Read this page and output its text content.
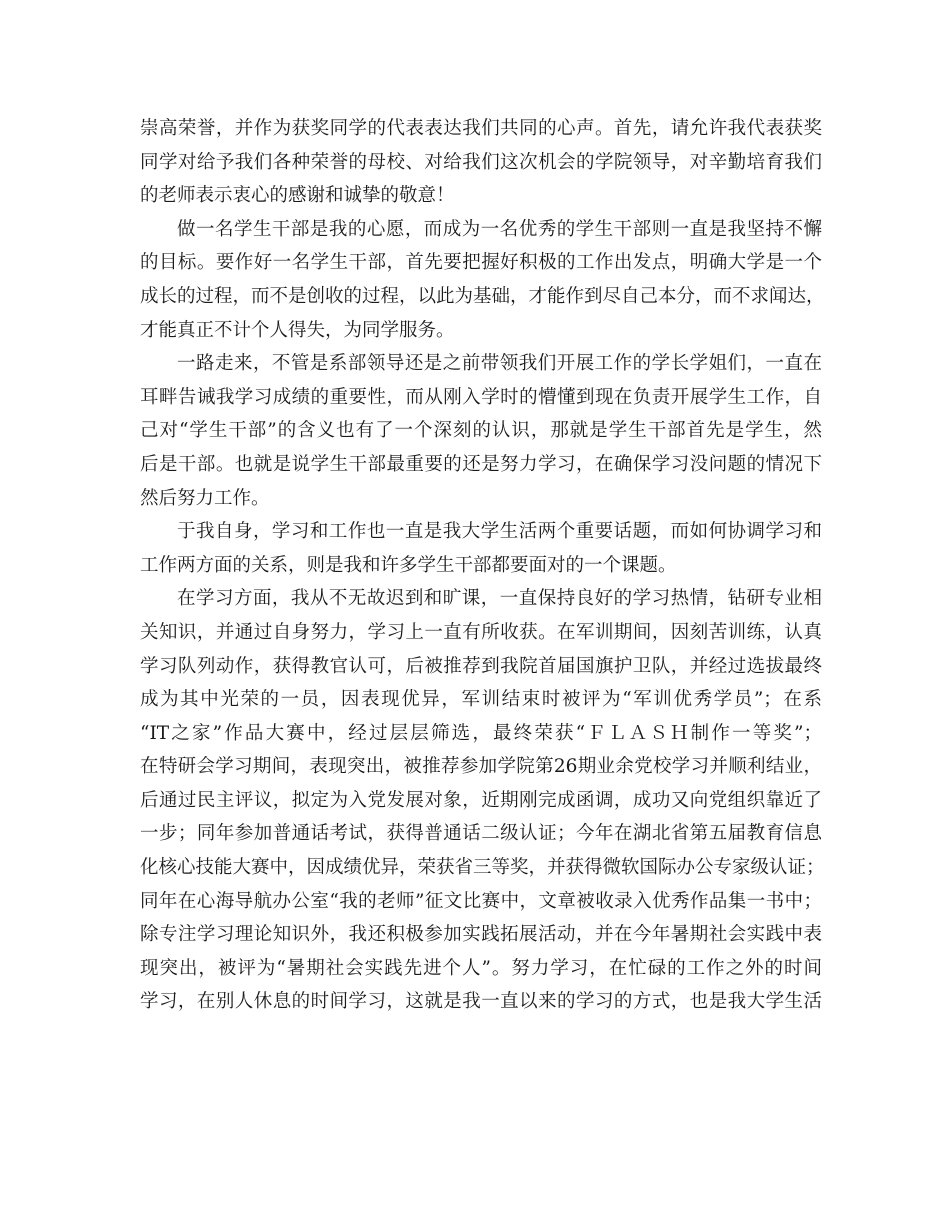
崇高荣誉，并作为获奖同学的代表表达我们共同的心声。首先，请允许我代表获奖
同学对给予我们各种荣誉的母校、对给我们这次机会的学院领导，对辛勤培育我们
的老师表示衷心的感谢和诚挚的敬意！
做一名学生干部是我的心愿，而成为一名优秀的学生干部则一直是我坚持不懈
的目标。要作好一名学生干部，首先要把握好积极的工作出发点，明确大学是一个
成长的过程，而不是创收的过程，以此为基础，才能作到尽自己本分，而不求闻达，
才能真正不计个人得失，为同学服务。
一路走来，不管是系部领导还是之前带领我们开展工作的学长学姐们，一直在
耳畔告诫我学习成绩的重要性，而从刚入学时的懵懂到现在负责开展学生工作，自
己对“学生干部”的含义也有了一个深刻的认识，那就是学生干部首先是学生，然
后是干部。也就是说学生干部最重要的还是努力学习，在确保学习没问题的情况下
然后努力工作。
于我自身，学习和工作也一直是我大学生活两个重要话题，而如何协调学习和
工作两方面的关系，则是我和许多学生干部都要面对的一个课题。
在学习方面，我从不无故迟到和旷课，一直保持良好的学习热情，钻研专业相
关知识，并通过自身努力，学习上一直有所收获。在军训期间，因刻苦训练，认真
学习队列动作，获得教官认可，后被推荐到我院首届国旗护卫队，并经过选拔最终
成为其中光荣的一员，因表现优异，军训结束时被评为“军训优秀学员”；在系
“IT之家”作品大赛中，经过层层筛选，最终荣获“ＦＬＡＳＨ制作一等奖”；
在特研会学习期间，表现突出，被推荐参加学院第26期业余党校学习并顺利结业，
后通过民主评议，拟定为入党发展对象，近期刚完成函调，成功又向党组织靠近了
一步；同年参加普通话考试，获得普通话二级认证；今年在湖北省第五届教育信息
化核心技能大赛中，因成绩优异，荣获省三等奖，并获得微软国际办公专家级认证；
同年在心海导航办公室“我的老师”征文比赛中，文章被收录入优秀作品集一书中；
除专注学习理论知识外，我还积极参加实践拓展活动，并在今年暑期社会实践中表
现突出，被评为“暑期社会实践先进个人”。努力学习，在忙碌的工作之外的时间
学习，在别人休息的时间学习，这就是我一直以来的学习的方式，也是我大学生活
